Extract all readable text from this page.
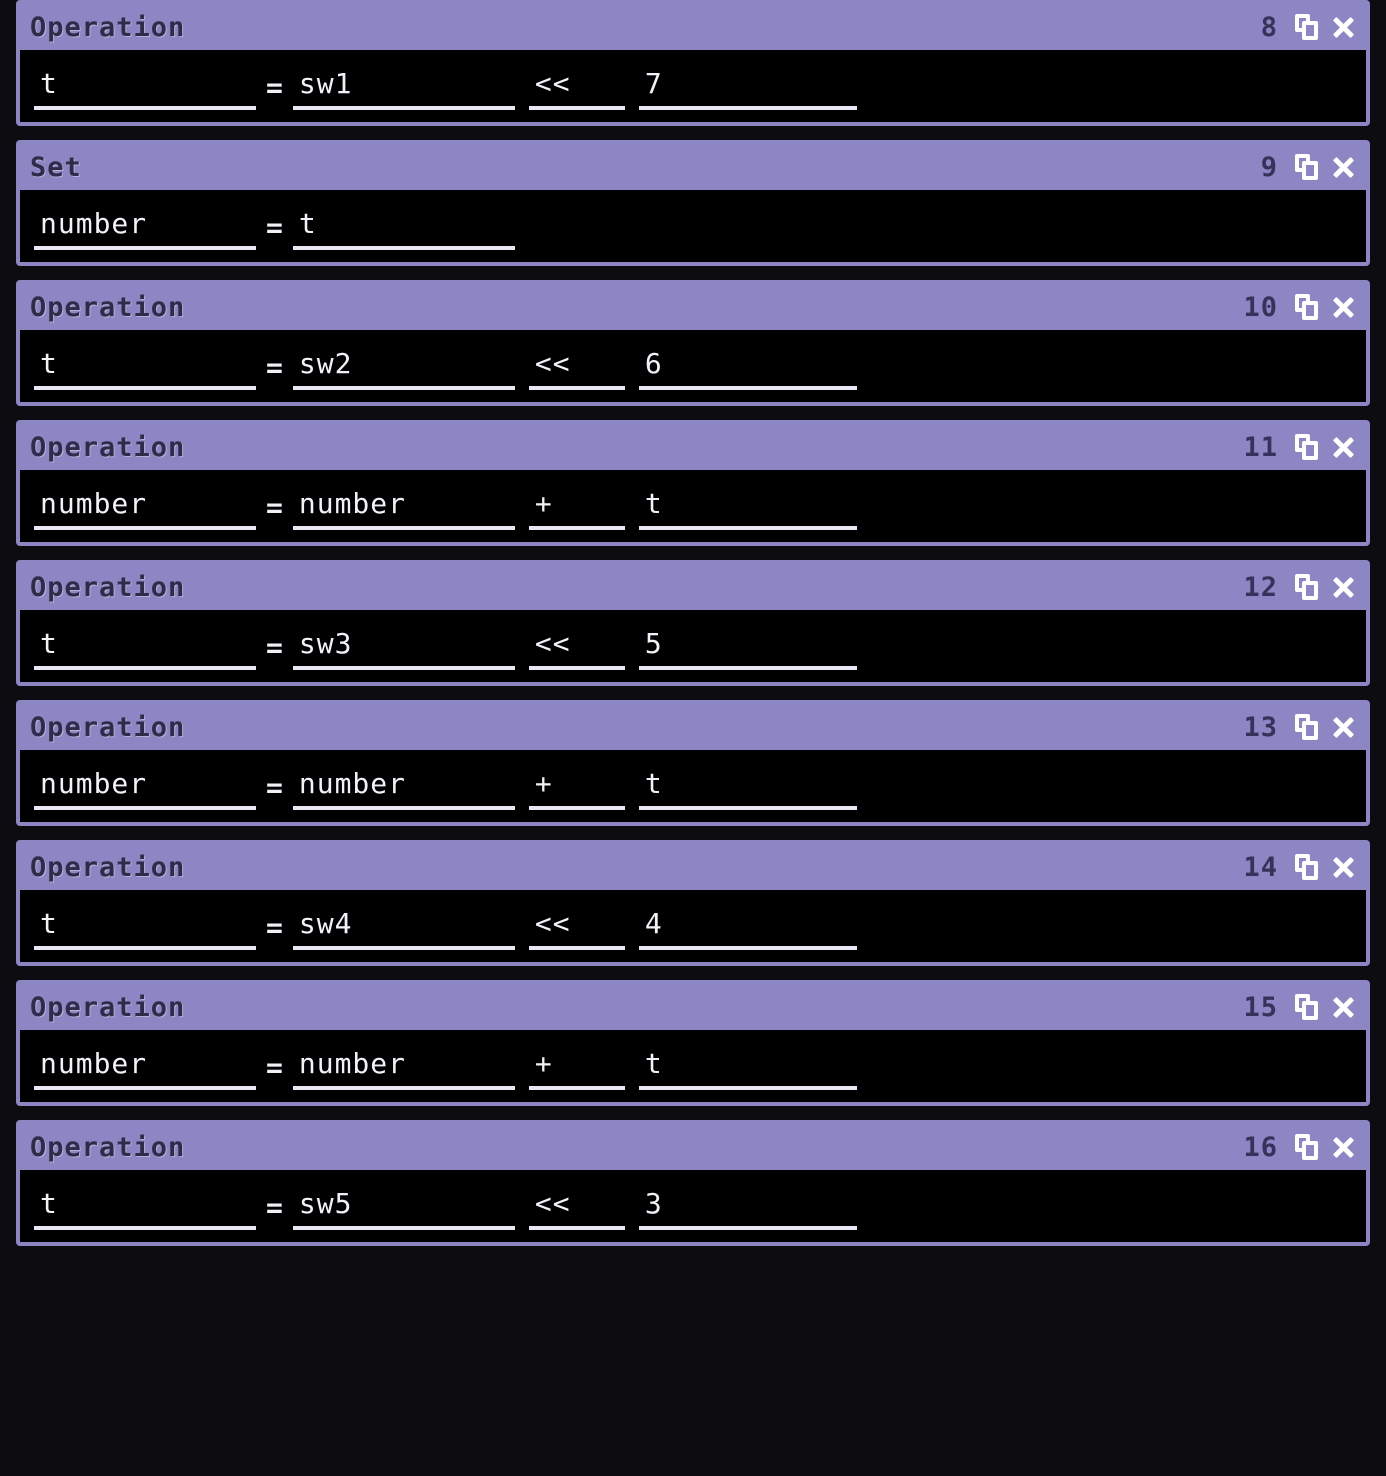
Operation	8
t	= sw1	<<	7
Set	9
number	= t
Operation	10
t	= sw2	<<	6
Operation	11
number	= number	+	t
Operation	12
t	= sw3	<<	5
Operation	13
number	= number	+	t
Operation	14
t	= sw4	<<	4
Operation	15
number	= number	+	t
Operation	16
t	= sw5	<<	3
